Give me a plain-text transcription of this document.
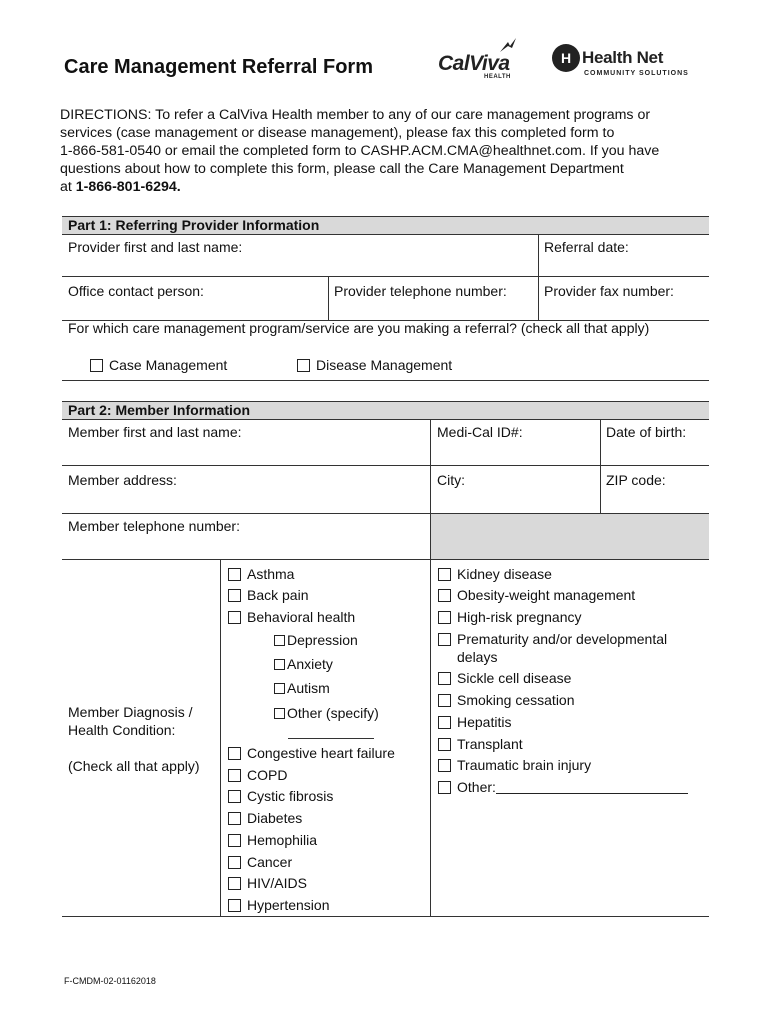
Care Management Referral Form	CalViva
HEALTH
H Health Net
COMMUNITY SOLUTIONS
DIRECTIONS: To refer a CalViva Health member to any of our care management programs or
services (case management or disease management), please fax this completed form to
1-866-581-0540 or email the completed form to CASHP.ACM.CMA@healthnet.com. If you have
questions about how to complete this form, please call the Care Management Department
at 1-866-801-6294.
Part 1: Referring Provider Information
Provider first and last name:	Referral date:
Office contact person:	Provider telephone number:	Provider fax number:
For which care management program/service are you making a referral? (check all that apply)
Case Management	Disease Management
Part 2: Member Information
Member first and last name:	Medi-Cal ID#:	Date of birth:
Member address:	City:	ZIP code:
Member telephone number:
Member Diagnosis /
Health Condition:
(Check all that apply)
Asthma
Back pain
Behavioral health
Depression
Anxiety
Autism
Other (specify)
Congestive heart failure
COPD
Cystic fibrosis
Diabetes
Hemophilia
Cancer
HIV/AIDS
Hypertension
Kidney disease
Obesity-weight management
High-risk pregnancy
Prematurity and/or developmental
delays
Sickle cell disease
Smoking cessation
Hepatitis
Transplant
Traumatic brain injury
Other:
F-CMDM-02-01162018
